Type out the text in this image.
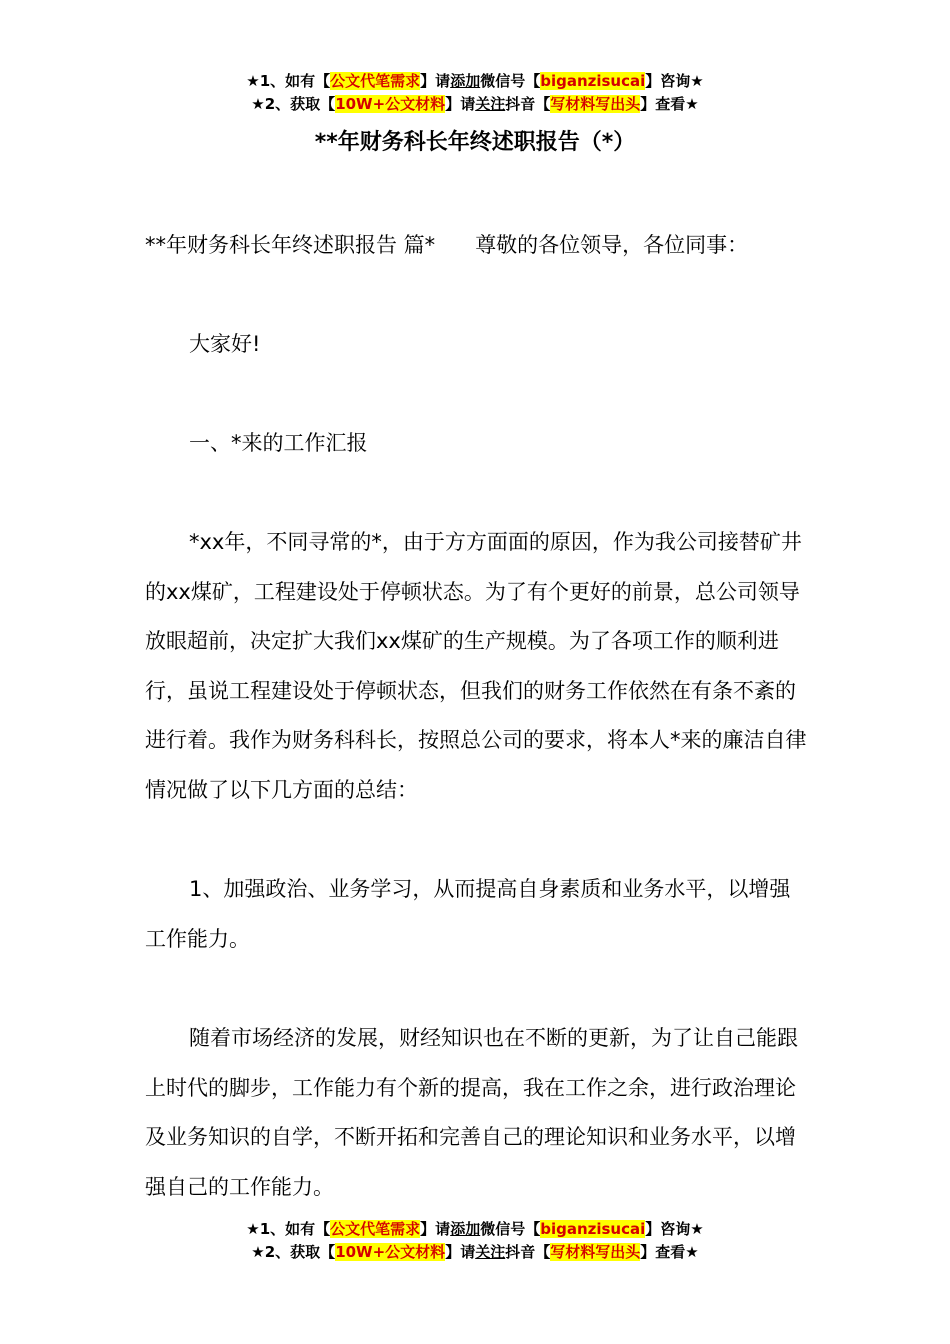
★1、如有【公文代笔需求】请添加微信号【biganzisucai】咨询★
★2、获取【10W+公文材料】请关注抖音【写材料写出头】查看★
**年财务科长年终述职报告（*）

**年财务科长年终述职报告 篇* 尊敬的各位领导，各位同事：

大家好!

一、*来的工作汇报

*xx年，不同寻常的*，由于方方面面的原因，作为我公司接替矿井的xx煤矿，工程建设处于停顿状态。为了有个更好的前景，总公司领导放眼超前，决定扩大我们xx煤矿的生产规模。为了各项工作的顺利进行，虽说工程建设处于停顿状态，但我们的财务工作依然在有条不紊的进行着。我作为财务科科长，按照总公司的要求，将本人*来的廉洁自律情况做了以下几方面的总结：

1、加强政治、业务学习，从而提高自身素质和业务水平，以增强工作能力。

随着市场经济的发展，财经知识也在不断的更新，为了让自己能跟上时代的脚步，工作能力有个新的提高，我在工作之余，进行政治理论及业务知识的自学，不断开拓和完善自己的理论知识和业务水平，以增强自己的工作能力。

★1、如有【公文代笔需求】请添加微信号【biganzisucai】咨询★
★2、获取【10W+公文材料】请关注抖音【写材料写出头】查看★
